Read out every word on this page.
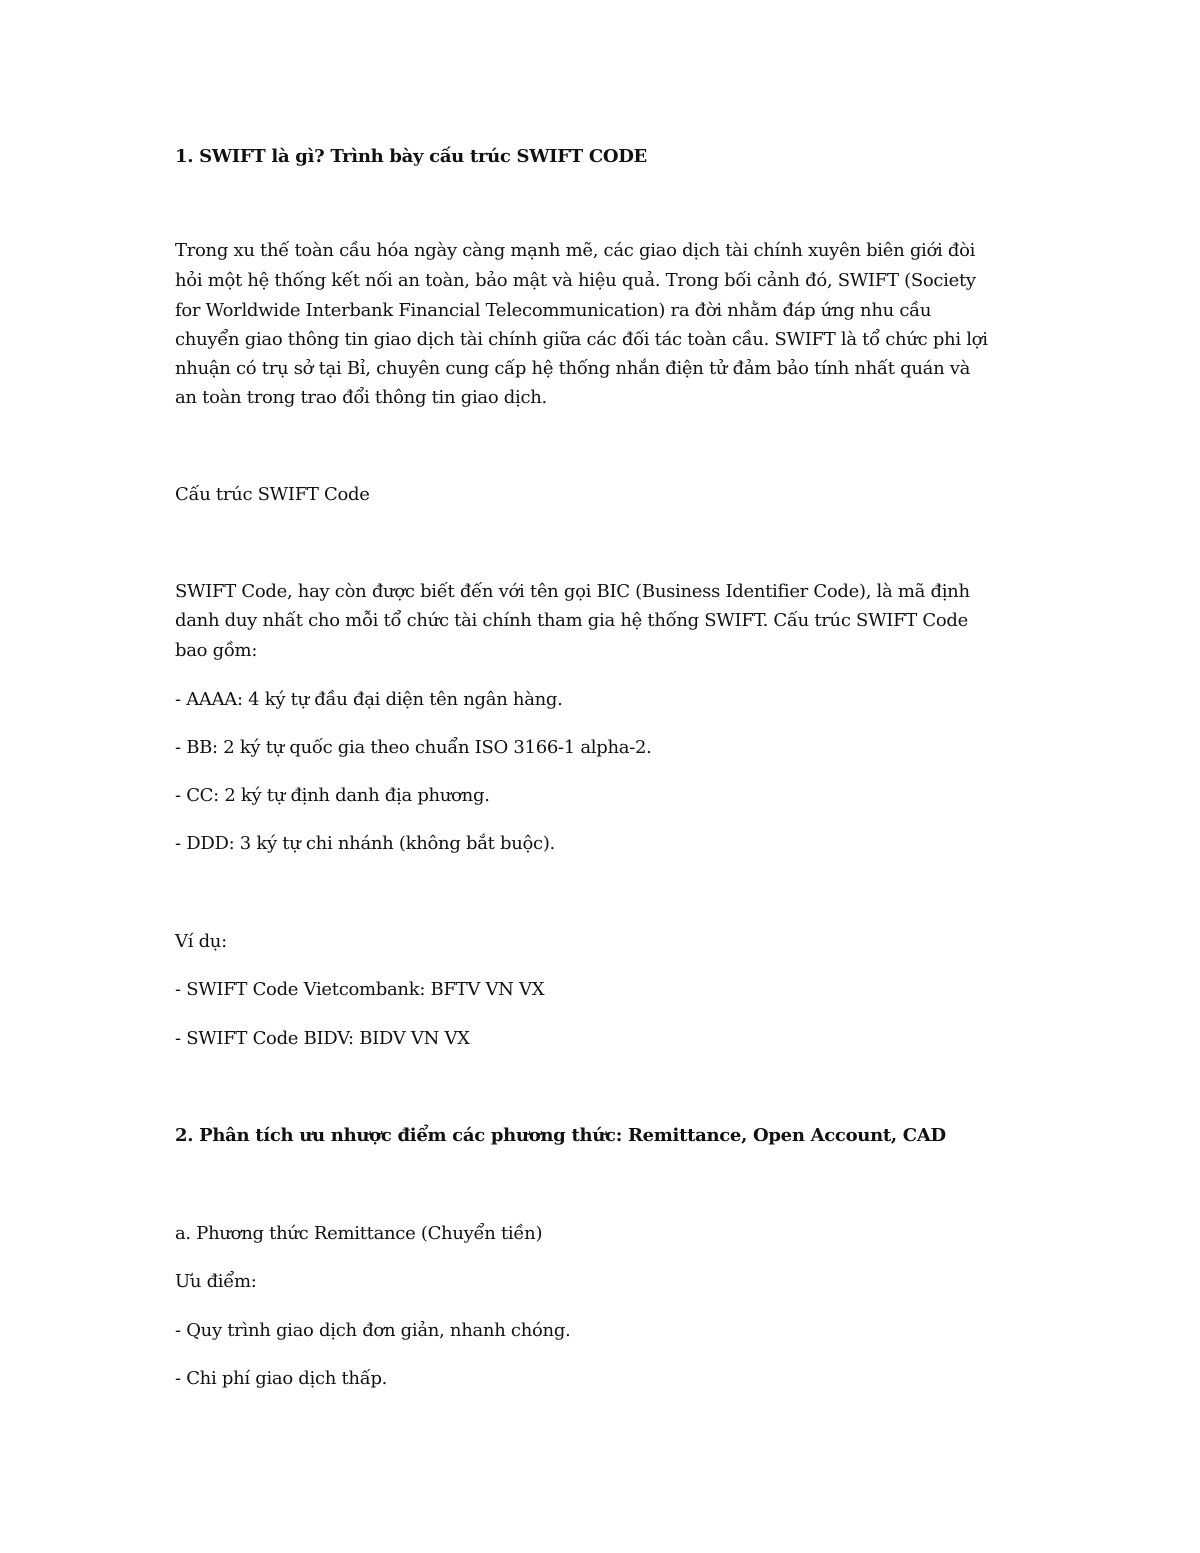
1. SWIFT là gì? Trình bày cấu trúc SWIFT CODE
Trong xu thế toàn cầu hóa ngày càng mạnh mẽ, các giao dịch tài chính xuyên biên giới đòi
hỏi một hệ thống kết nối an toàn, bảo mật và hiệu quả. Trong bối cảnh đó, SWIFT (Society
for Worldwide Interbank Financial Telecommunication) ra đời nhằm đáp ứng nhu cầu
chuyển giao thông tin giao dịch tài chính giữa các đối tác toàn cầu. SWIFT là tổ chức phi lợi
nhuận có trụ sở tại Bỉ, chuyên cung cấp hệ thống nhắn điện tử đảm bảo tính nhất quán và
an toàn trong trao đổi thông tin giao dịch.
Cấu trúc SWIFT Code
SWIFT Code, hay còn được biết đến với tên gọi BIC (Business Identifier Code), là mã định
danh duy nhất cho mỗi tổ chức tài chính tham gia hệ thống SWIFT. Cấu trúc SWIFT Code
bao gồm:
- AAAA: 4 ký tự đầu đại diện tên ngân hàng.
- BB: 2 ký tự quốc gia theo chuẩn ISO 3166-1 alpha-2.
- CC: 2 ký tự định danh địa phương.
- DDD: 3 ký tự chi nhánh (không bắt buộc).
Ví dụ:
- SWIFT Code Vietcombank: BFTV VN VX
- SWIFT Code BIDV: BIDV VN VX
2. Phân tích ưu nhược điểm các phương thức: Remittance, Open Account, CAD
a. Phương thức Remittance (Chuyển tiền)
Ưu điểm:
- Quy trình giao dịch đơn giản, nhanh chóng.
- Chi phí giao dịch thấp.
